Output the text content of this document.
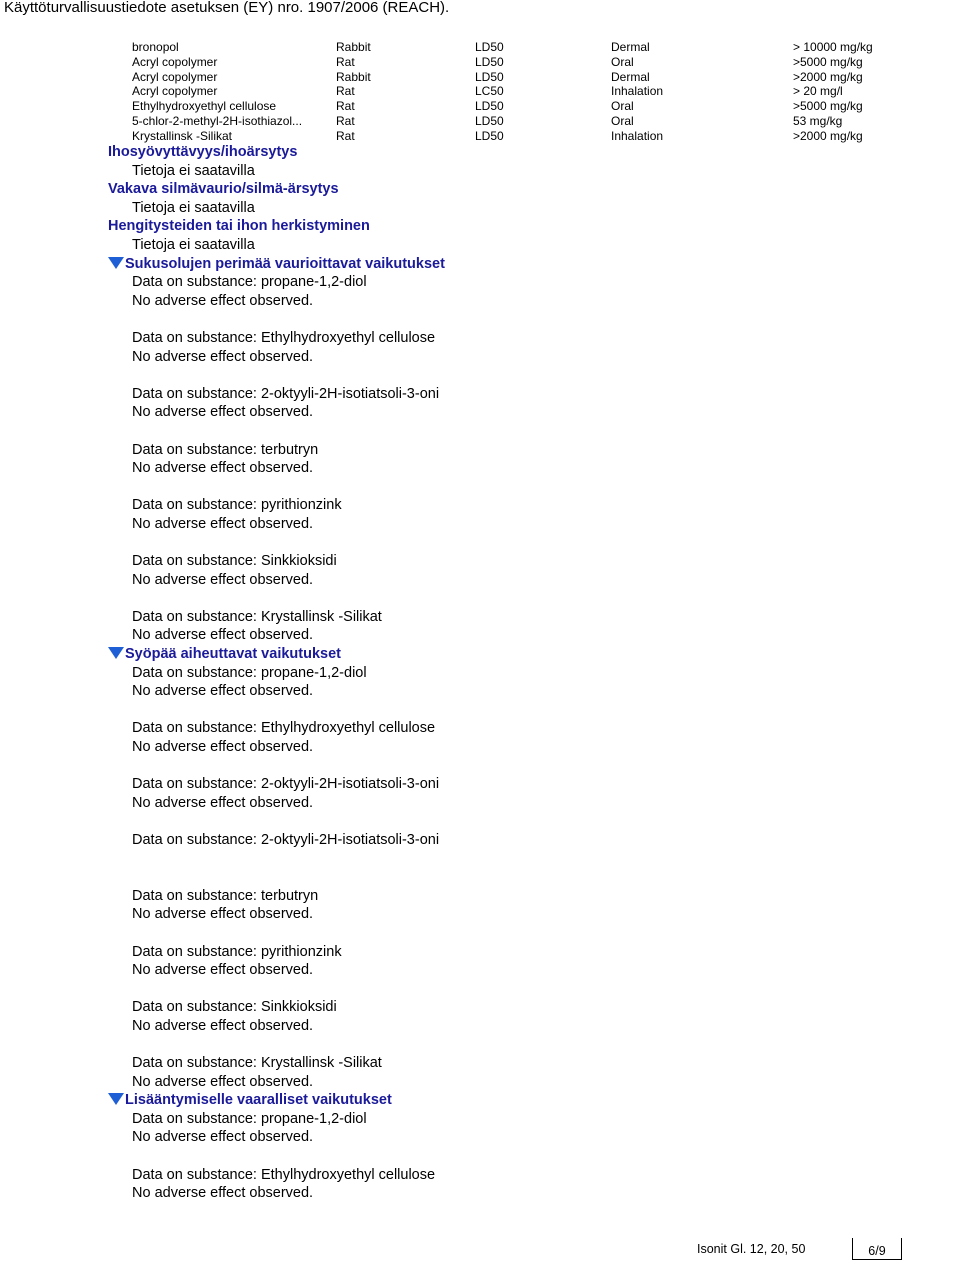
Käyttöturvallisuustiedote asetuksen (EY) nro. 1907/2006 (REACH).
bronopol	Rabbit	LD50	Dermal	> 10000 mg/kg
Acryl copolymer	Rat	LD50	Oral	>5000 mg/kg
Acryl copolymer	Rabbit	LD50	Dermal	>2000 mg/kg
Acryl copolymer	Rat	LC50	Inhalation	> 20 mg/l
Ethylhydroxyethyl cellulose	Rat	LD50	Oral	>5000 mg/kg
5-chlor-2-methyl-2H-isothiazol...	Rat	LD50	Oral	53 mg/kg
Krystallinsk -Silikat	Rat	LD50	Inhalation	>2000 mg/kg
Ihosyövyttävyys/ihoärsytys
Tietoja ei saatavilla
Vakava silmävaurio/silmä-ärsytys
Tietoja ei saatavilla
Hengitysteiden tai ihon herkistyminen
Tietoja ei saatavilla
Sukusolujen perimää vaurioittavat vaikutukset
Data on substance: propane-1,2-diol
No adverse effect observed.
Data on substance: Ethylhydroxyethyl cellulose
No adverse effect observed.
Data on substance: 2-oktyyli-2H-isotiatsoli-3-oni
No adverse effect observed.
Data on substance: terbutryn
No adverse effect observed.
Data on substance: pyrithionzink
No adverse effect observed.
Data on substance: Sinkkioksidi
No adverse effect observed.
Data on substance: Krystallinsk -Silikat
No adverse effect observed.
Syöpää aiheuttavat vaikutukset
Data on substance: propane-1,2-diol
No adverse effect observed.
Data on substance: Ethylhydroxyethyl cellulose
No adverse effect observed.
Data on substance: 2-oktyyli-2H-isotiatsoli-3-oni
No adverse effect observed.
Data on substance: 2-oktyyli-2H-isotiatsoli-3-oni
Data on substance: terbutryn
No adverse effect observed.
Data on substance: pyrithionzink
No adverse effect observed.
Data on substance: Sinkkioksidi
No adverse effect observed.
Data on substance: Krystallinsk -Silikat
No adverse effect observed.
Lisääntymiselle vaaralliset vaikutukset
Data on substance: propane-1,2-diol
No adverse effect observed.
Data on substance: Ethylhydroxyethyl cellulose
No adverse effect observed.
Isonit Gl. 12, 20, 50	6/9
